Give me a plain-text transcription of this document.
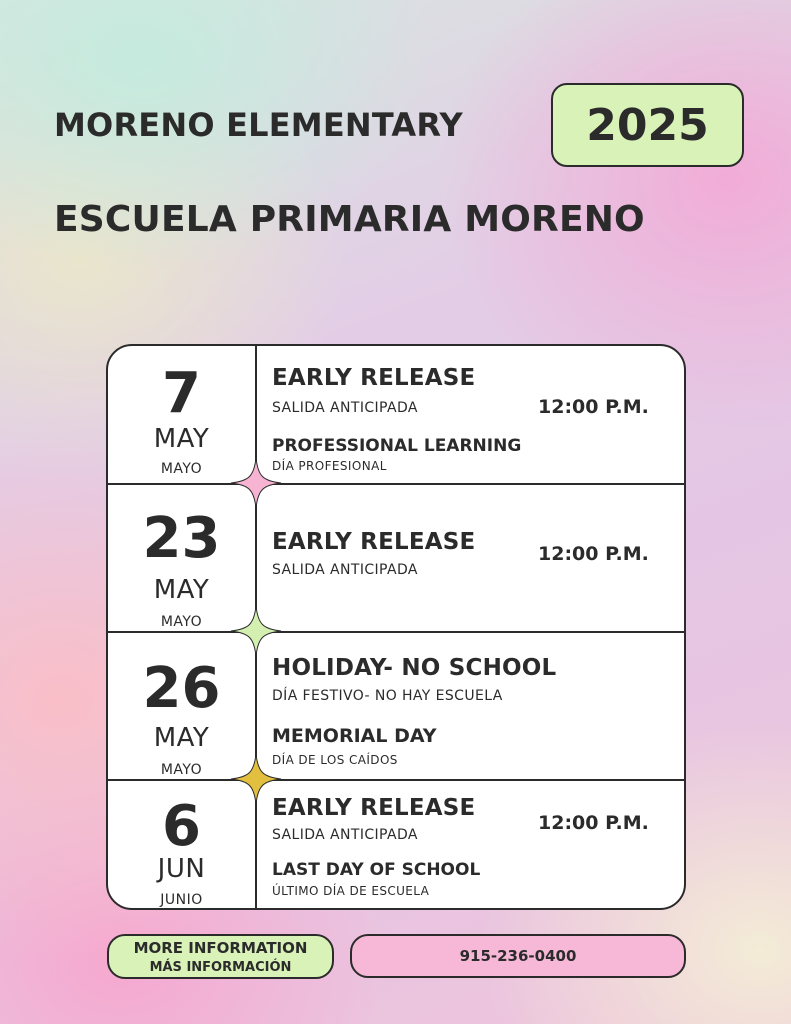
MORENO ELEMENTARY
ESCUELA PRIMARIA MORENO
2025
7
MAY
MAYO
EARLY RELEASE
SALIDA ANTICIPADA	12:00 P.M.
PROFESSIONAL LEARNING
DÍA PROFESIONAL
23
MAY
MAYO
EARLY RELEASE
SALIDA ANTICIPADA
12:00 P.M.
26
MAY
MAYO
HOLIDAY- NO SCHOOL
DÍA FESTIVO- NO HAY ESCUELA
MEMORIAL DAY
DÍA DE LOS CAÍDOS
6
JUN
JUNIO
EARLY RELEASE
SALIDA ANTICIPADA
12:00 P.M.
LAST DAY OF SCHOOL
ÚLTIMO DÍA DE ESCUELA
MORE INFORMATION
MÁS INFORMACIÓN
915-236-0400
